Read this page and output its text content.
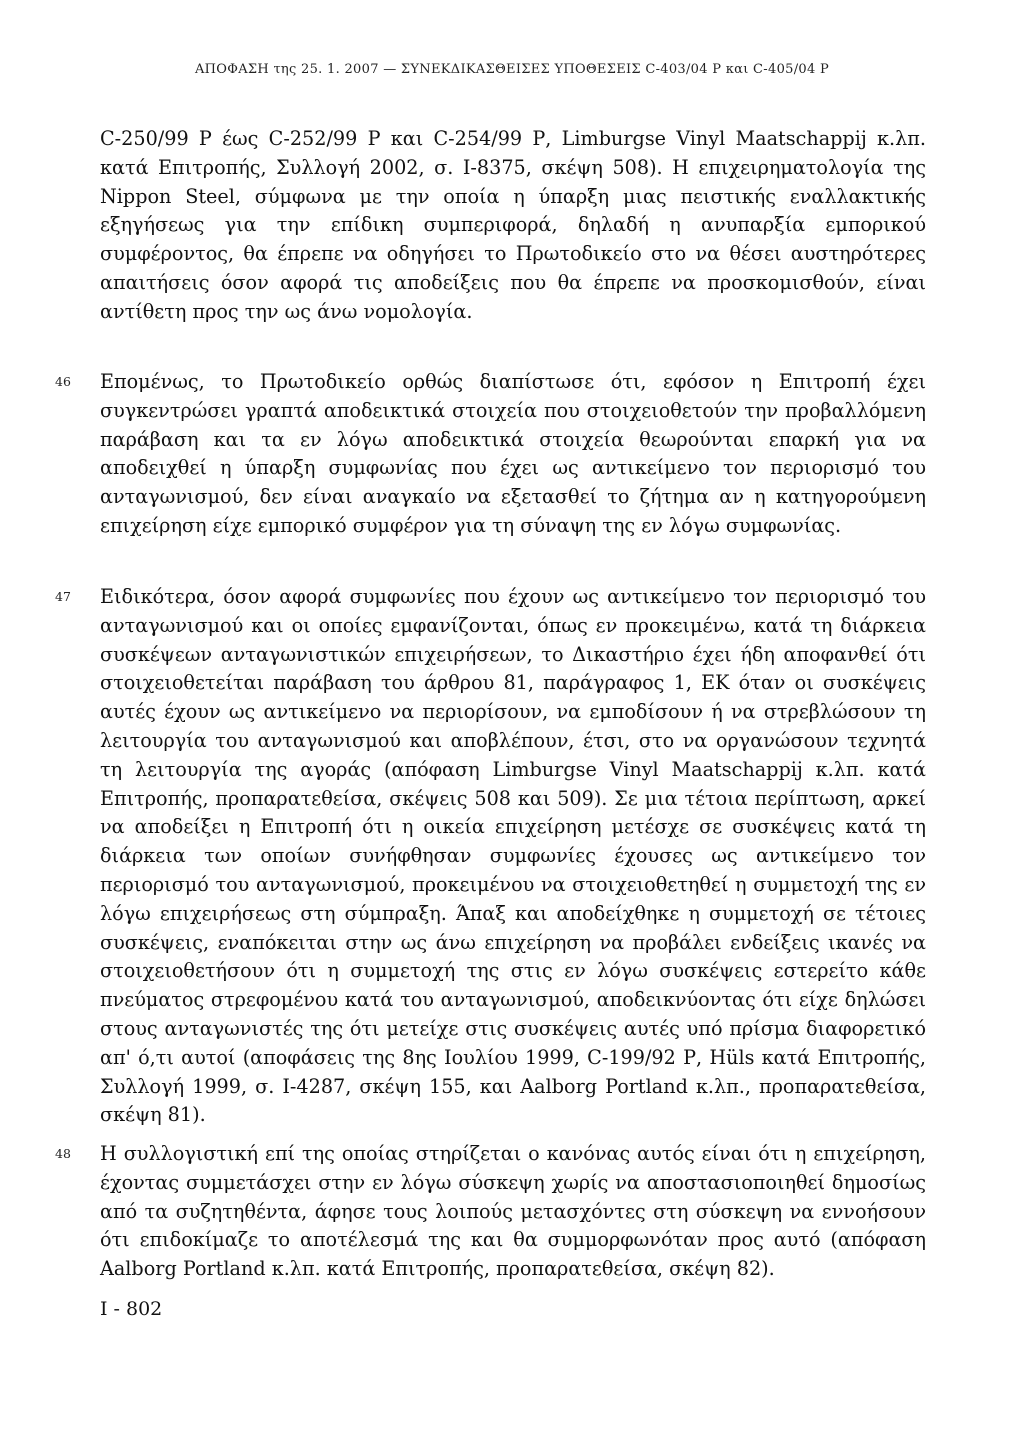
ΑΠΟΦΑΣΗ της 25. 1. 2007 — ΣΥΝΕΚΔΙΚΑΣΘΕΙΣΕΣ ΥΠΟΘΕΣΕΙΣ C-403/04 Ρ και C-405/04 Ρ
C-250/99 Ρ έως C-252/99 Ρ και C-254/99 Ρ, Limburgse Vinyl Maatschappij κ.λπ. κατά Επιτροπής, Συλλογή 2002, σ. Ι-8375, σκέψη 508). Η επιχειρηματολογία της Nippon Steel, σύμφωνα με την οποία η ύπαρξη μιας πειστικής εναλλακτικής εξηγήσεως για την επίδικη συμπεριφορά, δηλαδή η ανυπαρξία εμπορικού συμφέροντος, θα έπρεπε να οδηγήσει το Πρωτοδικείο στο να θέσει αυστηρότερες απαιτήσεις όσον αφορά τις αποδείξεις που θα έπρεπε να προσκομισθούν, είναι αντίθετη προς την ως άνω νομολογία.
46 Επομένως, το Πρωτοδικείο ορθώς διαπίστωσε ότι, εφόσον η Επιτροπή έχει συγκεντρώσει γραπτά αποδεικτικά στοιχεία που στοιχειοθετούν την προβαλλόμενη παράβαση και τα εν λόγω αποδεικτικά στοιχεία θεωρούνται επαρκή για να αποδειχθεί η ύπαρξη συμφωνίας που έχει ως αντικείμενο τον περιορισμό του ανταγωνισμού, δεν είναι αναγκαίο να εξετασθεί το ζήτημα αν η κατηγορούμενη επιχείρηση είχε εμπορικό συμφέρον για τη σύναψη της εν λόγω συμφωνίας.
47 Ειδικότερα, όσον αφορά συμφωνίες που έχουν ως αντικείμενο τον περιορισμό του ανταγωνισμού και οι οποίες εμφανίζονται, όπως εν προκειμένω, κατά τη διάρκεια συσκέψεων ανταγωνιστικών επιχειρήσεων, το Δικαστήριο έχει ήδη αποφανθεί ότι στοιχειοθετείται παράβαση του άρθρου 81, παράγραφος 1, ΕΚ όταν οι συσκέψεις αυτές έχουν ως αντικείμενο να περιορίσουν, να εμποδίσουν ή να στρεβλώσουν τη λειτουργία του ανταγωνισμού και αποβλέπουν, έτσι, στο να οργανώσουν τεχνητά τη λειτουργία της αγοράς (απόφαση Limburgse Vinyl Maatschappij κ.λπ. κατά Επιτροπής, προπαρατεθείσα, σκέψεις 508 και 509). Σε μια τέτοια περίπτωση, αρκεί να αποδείξει η Επιτροπή ότι η οικεία επιχείρηση μετέσχε σε συσκέψεις κατά τη διάρκεια των οποίων συνήφθησαν συμφωνίες έχουσες ως αντικείμενο τον περιορισμό του ανταγωνισμού, προκειμένου να στοιχειοθετηθεί η συμμετοχή της εν λόγω επιχειρήσεως στη σύμπραξη. Άπαξ και αποδείχθηκε η συμμετοχή σε τέτοιες συσκέψεις, εναπόκειται στην ως άνω επιχείρηση να προβάλει ενδείξεις ικανές να στοιχειοθετήσουν ότι η συμμετοχή της στις εν λόγω συσκέψεις εστερείτο κάθε πνεύματος στρεφομένου κατά του ανταγωνισμού, αποδεικνύοντας ότι είχε δηλώσει στους ανταγωνιστές της ότι μετείχε στις συσκέψεις αυτές υπό πρίσμα διαφορετικό απ' ό,τι αυτοί (αποφάσεις της 8ης Ιουλίου 1999, C-199/92 Ρ, Hüls κατά Επιτροπής, Συλλογή 1999, σ. Ι-4287, σκέψη 155, και Aalborg Portland κ.λπ., προπαρατεθείσα, σκέψη 81).
48 Η συλλογιστική επί της οποίας στηρίζεται ο κανόνας αυτός είναι ότι η επιχείρηση, έχοντας συμμετάσχει στην εν λόγω σύσκεψη χωρίς να αποστασιοποιηθεί δημοσίως από τα συζητηθέντα, άφησε τους λοιπούς μετασχόντες στη σύσκεψη να εννοήσουν ότι επιδοκίμαζε το αποτέλεσμά της και θα συμμορφωνόταν προς αυτό (απόφαση Aalborg Portland κ.λπ. κατά Επιτροπής, προπαρατεθείσα, σκέψη 82).
Ι - 802
